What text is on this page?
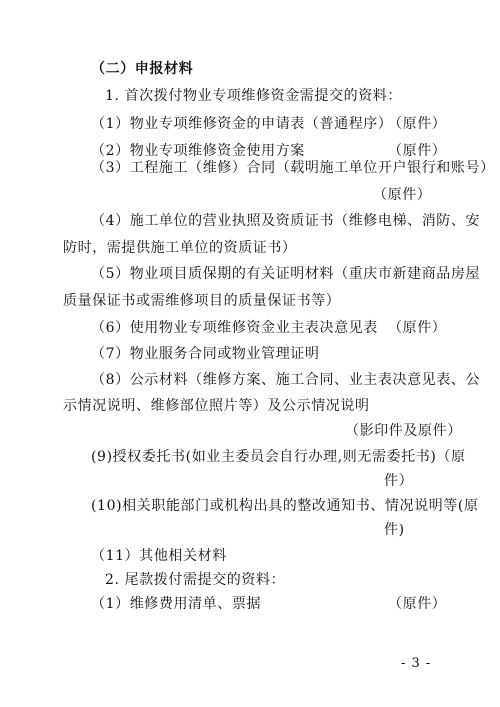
（二）申报材料
1. 首次拨付物业专项维修资金需提交的资料：
（1）物业专项维修资金的申请表（普通程序）
（原件）
（2）物业专项维修资金使用方案	（原件）
（3）工程施工（维修）合同（载明施工单位开户银行和账号）
（原件）
（4）施工单位的营业执照及资质证书（维修电梯、消防、安
防时，需提供施工单位的资质证书）
（5）物业项目质保期的有关证明材料（重庆市新建商品房屋
质量保证书或需维修项目的质量保证书等）
（6）使用物业专项维修资金业主表决意见表 （原件）
（7）物业服务合同或物业管理证明
（8）公示材料（维修方案、施工合同、业主表决意见表、公
示情况说明、维修部位照片等）及公示情况说明
（影印件及原件）
(9)授权委托书(如业主委员会自行办理,则无需委托书)（原
件）
(10)相关职能部门或机构出具的整改通知书、情况说明等(原
件)
（11）其他相关材料
2. 尾款拨付需提交的资料：
（1）维修费用清单、票据	（原件）
- 3 -
